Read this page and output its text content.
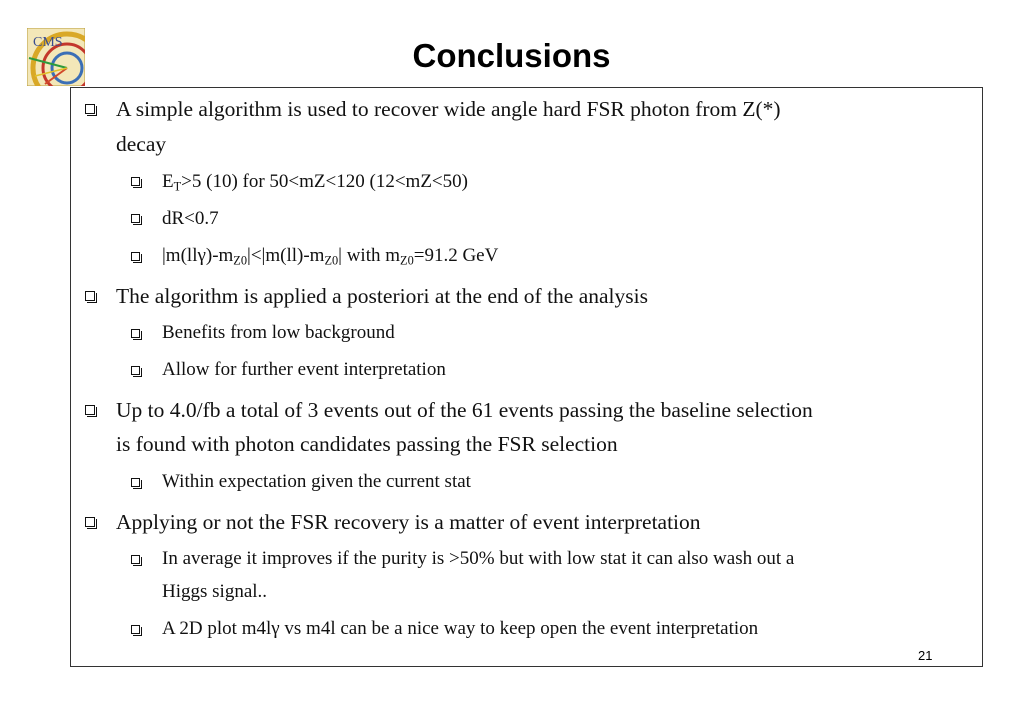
CMS	Conclusions
A simple algorithm is used to recover wide angle hard FSR photon from Z(*)
decay
$E_T>5$ (10) for 50<mZ<120 (12<mZ<50)
dR<0.7
$|m(ll\gamma)-m_{Z0}|<|m(ll)-m_{Z0}|$ with $m_{Z0}=91.2$ GeV
The algorithm is applied a posteriori at the end of the analysis
Benefits from low background
Allow for further event interpretation
Up to 4.0/fb a total of 3 events out of the 61 events passing the baseline selection
is found with photon candidates passing the FSR selection
Within expectation given the current stat
Applying or not the FSR recovery is a matter of event interpretation
In average it improves if the purity is >50% but with low stat it can also wash out a
Higgs signal..
A 2D plot m4lγ vs m4l can be a nice way to keep open the event interpretation
21
